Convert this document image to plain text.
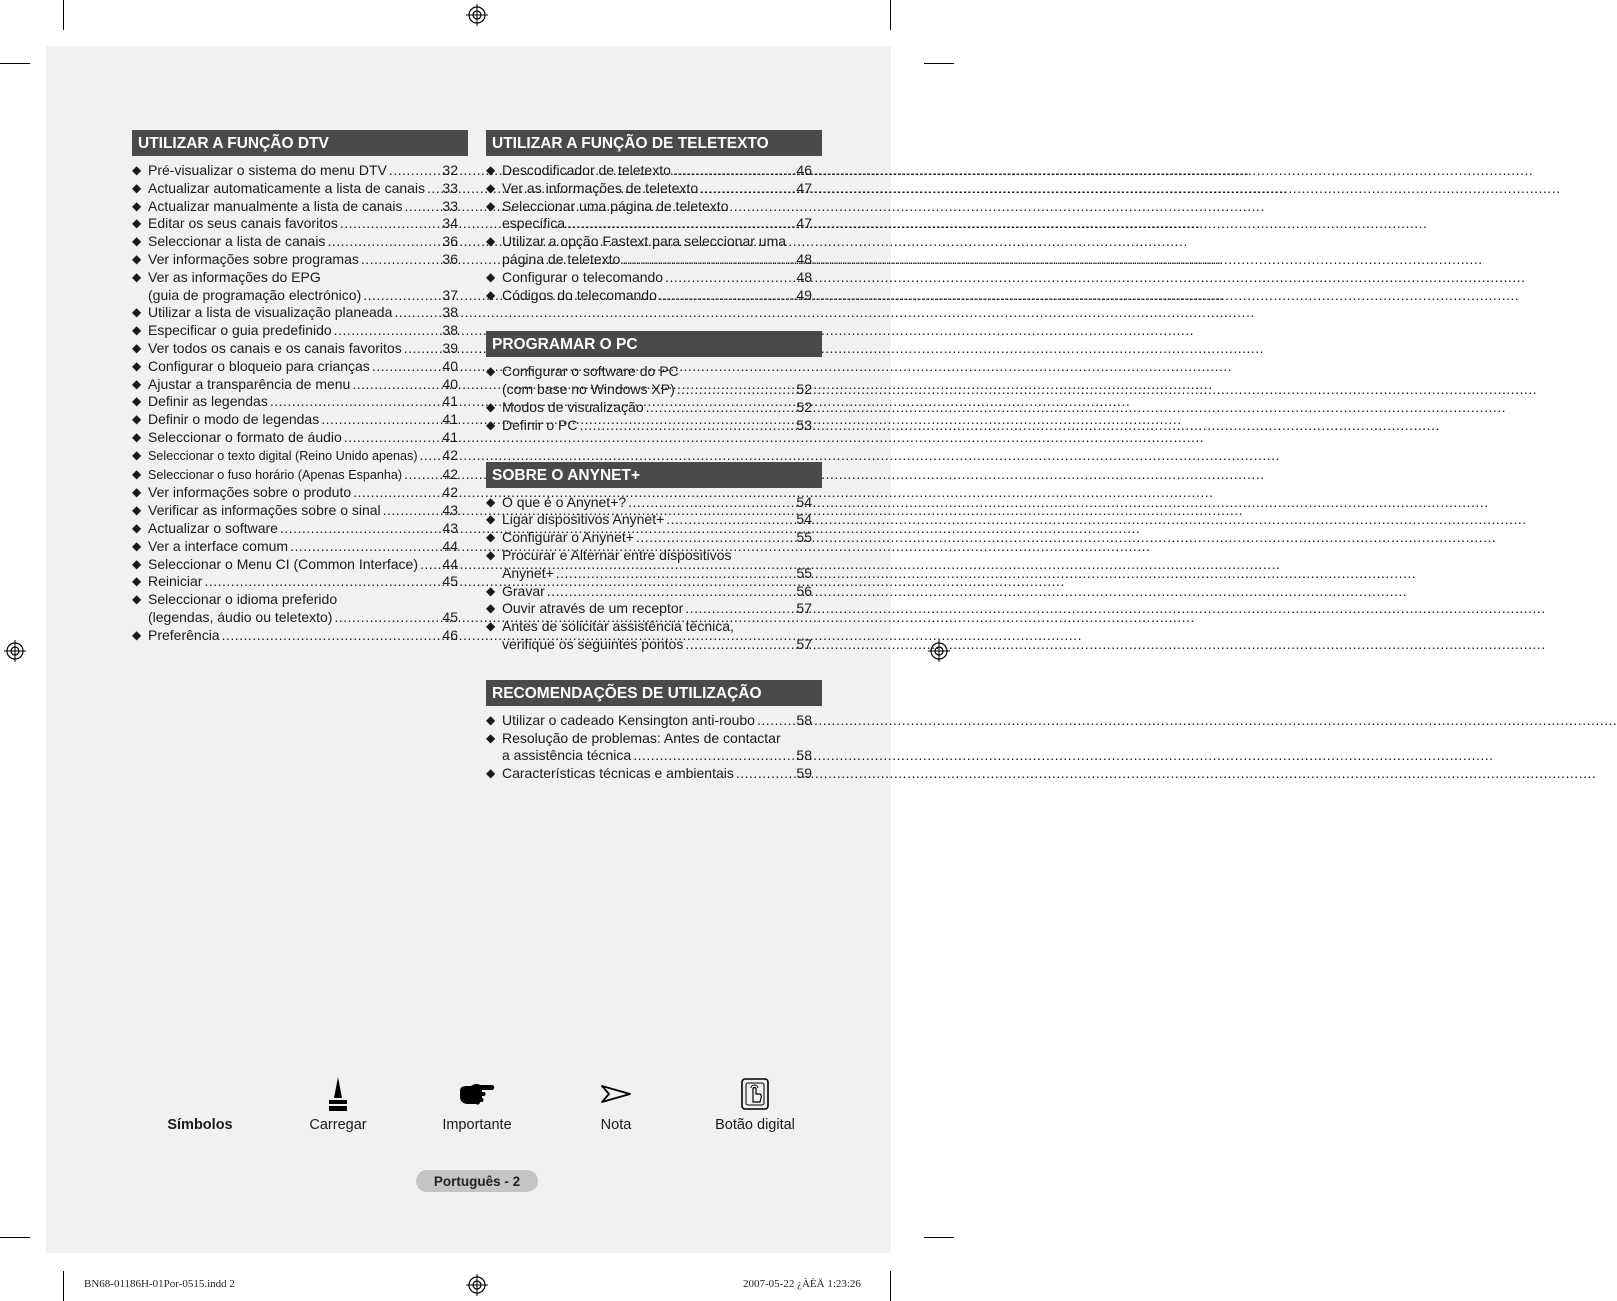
UTILIZAR A FUNÇÃO DTV
◆ Pré-visualizar o sistema do menu DTV .....	32
◆ Actualizar automaticamente a lista de canais ..... 33
◆ Actualizar manualmente a lista de canais .....	33
◆ Editar os seus canais favoritos .....	34
◆ Seleccionar a lista de canais .....	36
◆ Ver informações sobre programas .....	36
◆ Ver as informações do EPG
(guia de programação electrónico) .....	37
◆ Utilizar a lista de visualização planeada .....	38
◆ Especificar o guia predefinido .....	38
◆ Ver todos os canais e os canais favoritos .....	39
◆ Configurar o bloqueio para crianças .....	40
◆ Ajustar a transparência de menu .....	40
◆ Definir as legendas .....	41
◆ Definir o modo de legendas .....	41
◆ Seleccionar o formato de áudio .....	41
◆ Seleccionar o texto digital (Reino Unido apenas) ..... 42
◆ Seleccionar o fuso horário (Apenas Espanha) .....	42
◆ Ver informações sobre o produto .....	42
◆ Verificar as informações sobre o sinal .....	43
◆ Actualizar o software .....	43
◆ Ver a interface comum .....	44
◆ Seleccionar o Menu CI (Common Interface) ..... 44
◆ Reiniciar .....	45
◆ Seleccionar o idioma preferido
(legendas, áudio ou teletexto) .....	45
◆ Preferência .....	46
UTILIZAR A FUNÇÃO DE TELETEXTO
◆ Descodificador de teletexto .....	46
◆ Ver as informações de teletexto .....	47
◆ Seleccionar uma página de teletexto
específica .....	47
◆ Utilizar a opção Fastext para seleccionar uma
página de teletexto .....	48
◆ Configurar o telecomando .....	48
◆ Códigos do telecomando .....	49
PROGRAMAR O PC
◆ Configurar o software do PC
(com base no Windows XP) .....	52
◆ Modos de visualização .....	52
◆ Definir o PC .....	53
SOBRE O ANYNET+
◆ O que é o Anynet+? .....	54
◆ Ligar dispositivos Anynet+ .....	54
◆ Configurar o Anynet+ .....	55
◆ Procurar e Alternar entre dispositivos
Anynet+ .....	55
◆ Gravar .....	56
◆ Ouvir através de um receptor .....	57
◆ Antes de solicitar assistência técnica,
verifique os seguintes pontos .....	57
RECOMENDAÇÕES DE UTILIZAÇÃO
◆ Utilizar o cadeado Kensington anti-roubo .....	58
◆ Resolução de problemas: Antes de contactar
a assistência técnica .....	58
◆ Características técnicas e ambientais .....	59
Símbolos	Carregar	Importante	Nota	Botão digital
Português - 2
BN68-01186H-01Por-0515.indd 2	2007-05-22 ¿ÀÈÄ 1:23:26
